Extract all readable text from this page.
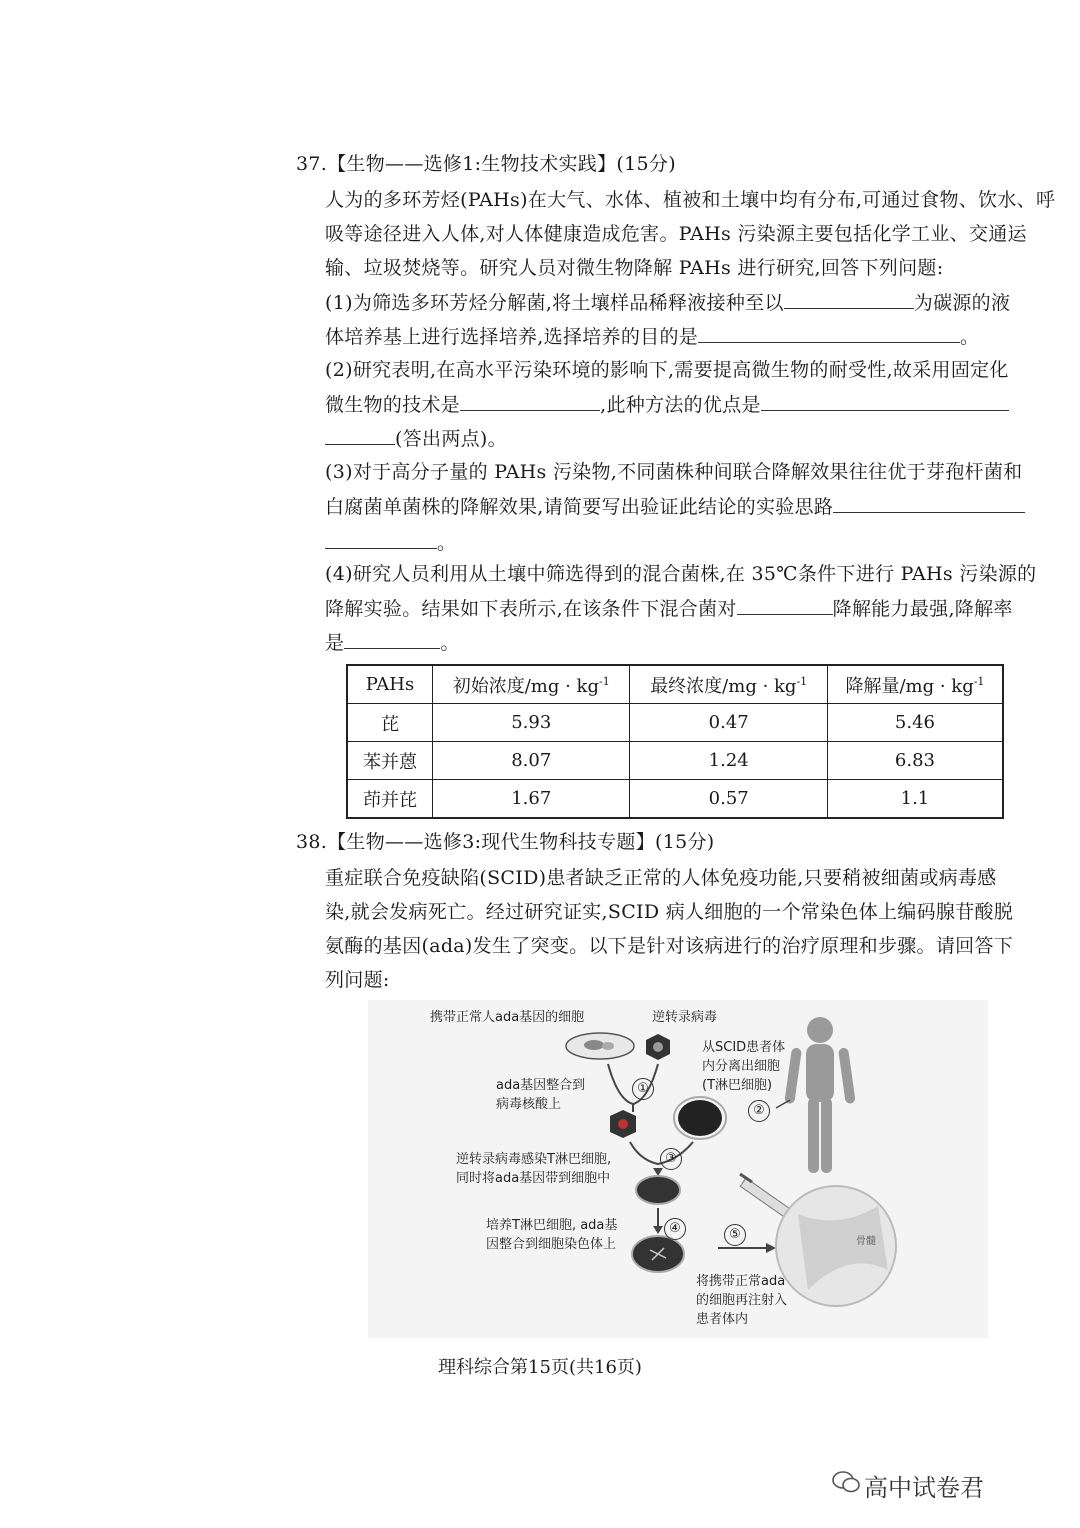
37.【生物——选修1:生物技术实践】(15分)
人为的多环芳烃(PAHs)在大气、水体、植被和土壤中均有分布,可通过食物、饮水、呼
吸等途径进入人体,对人体健康造成危害。PAHs 污染源主要包括化学工业、交通运
输、垃圾焚烧等。研究人员对微生物降解 PAHs 进行研究,回答下列问题:
(1)为筛选多环芳烃分解菌,将土壤样品稀释液接种至以	为碳源的液
体培养基上进行选择培养,选择培养的目的是	。
(2)研究表明,在高水平污染环境的影响下,需要提高微生物的耐受性,故采用固定化
微生物的技术是	,此种方法的优点是
(答出两点)。
(3)对于高分子量的 PAHs 污染物,不同菌株种间联合降解效果往往优于芽孢杆菌和
白腐菌单菌株的降解效果,请简要写出验证此结论的实验思路
。
(4)研究人员利用从土壤中筛选得到的混合菌株,在 35℃条件下进行 PAHs 污染源的
降解实验。结果如下表所示,在该条件下混合菌对	降解能力最强,降解率
是	。
PAHs	初始浓度$/mg \cdot kg^{-1}$	最终浓度$/mg \cdot kg^{-1}$	降解量$/mg \cdot kg^{-1}$
芘	5.93	0.47	5.46
苯并蒽	8.07	1.24	6.83
茚并芘	1.67	0.57	1.1
38.【生物——选修3:现代生物科技专题】(15分)
重症联合免疫缺陷(SCID)患者缺乏正常的人体免疫功能,只要稍被细菌或病毒感
染,就会发病死亡。经过研究证实,SCID 病人细胞的一个常染色体上编码腺苷酸脱
氨酶的基因(ada)发生了突变。以下是针对该病进行的治疗原理和步骤。请回答下
列问题:
携带正常人ada基因的细胞	逆转录病毒
从SCID患者体
内分离出细胞
(T淋巴细胞)
ada基因整合到
病毒核酸上
逆转录病毒感染T淋巴细胞,
同时将ada基因带到细胞中
培养T淋巴细胞, ada基
因整合到细胞染色体上
将携带正常ada
的细胞再注射入
患者体内
骨髓
①
②
③
④	⑤
理科综合第15页(共16页)
高中试卷君
